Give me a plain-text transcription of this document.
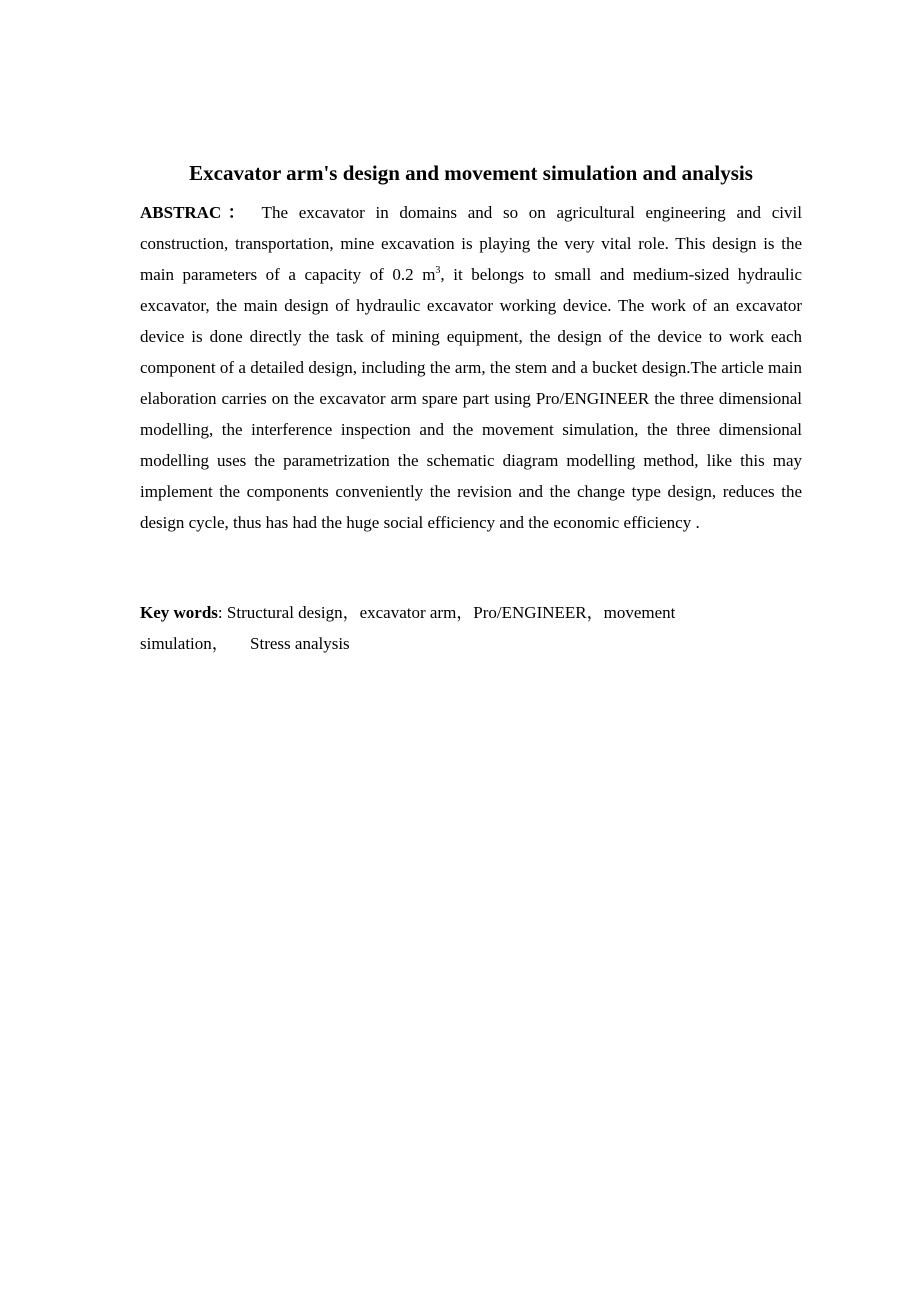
Excavator arm's design and movement simulation and analysis

ABSTRAC： The excavator in domains and so on agricultural engineering and civil construction, transportation, mine excavation is playing the very vital role. This design is the main parameters of a capacity of 0.2 $m^3$, it belongs to small and medium-sized hydraulic excavator, the main design of hydraulic excavator working device. The work of an excavator device is done directly the task of mining equipment, the design of the device to work each component of a detailed design, including the arm, the stem and a bucket design.The article main elaboration carries on the excavator arm spare part using Pro/ENGINEER the three dimensional modelling, the interference inspection and the movement simulation, the three dimensional modelling uses the parametrization the schematic diagram modelling method, like this may implement the components conveniently the revision and the change type design, reduces the design cycle, thus has had the huge social efficiency and the economic efficiency .

Key words: Structural design，excavator arm，Pro/ENGINEER，movement
simulation，     Stress analysis
